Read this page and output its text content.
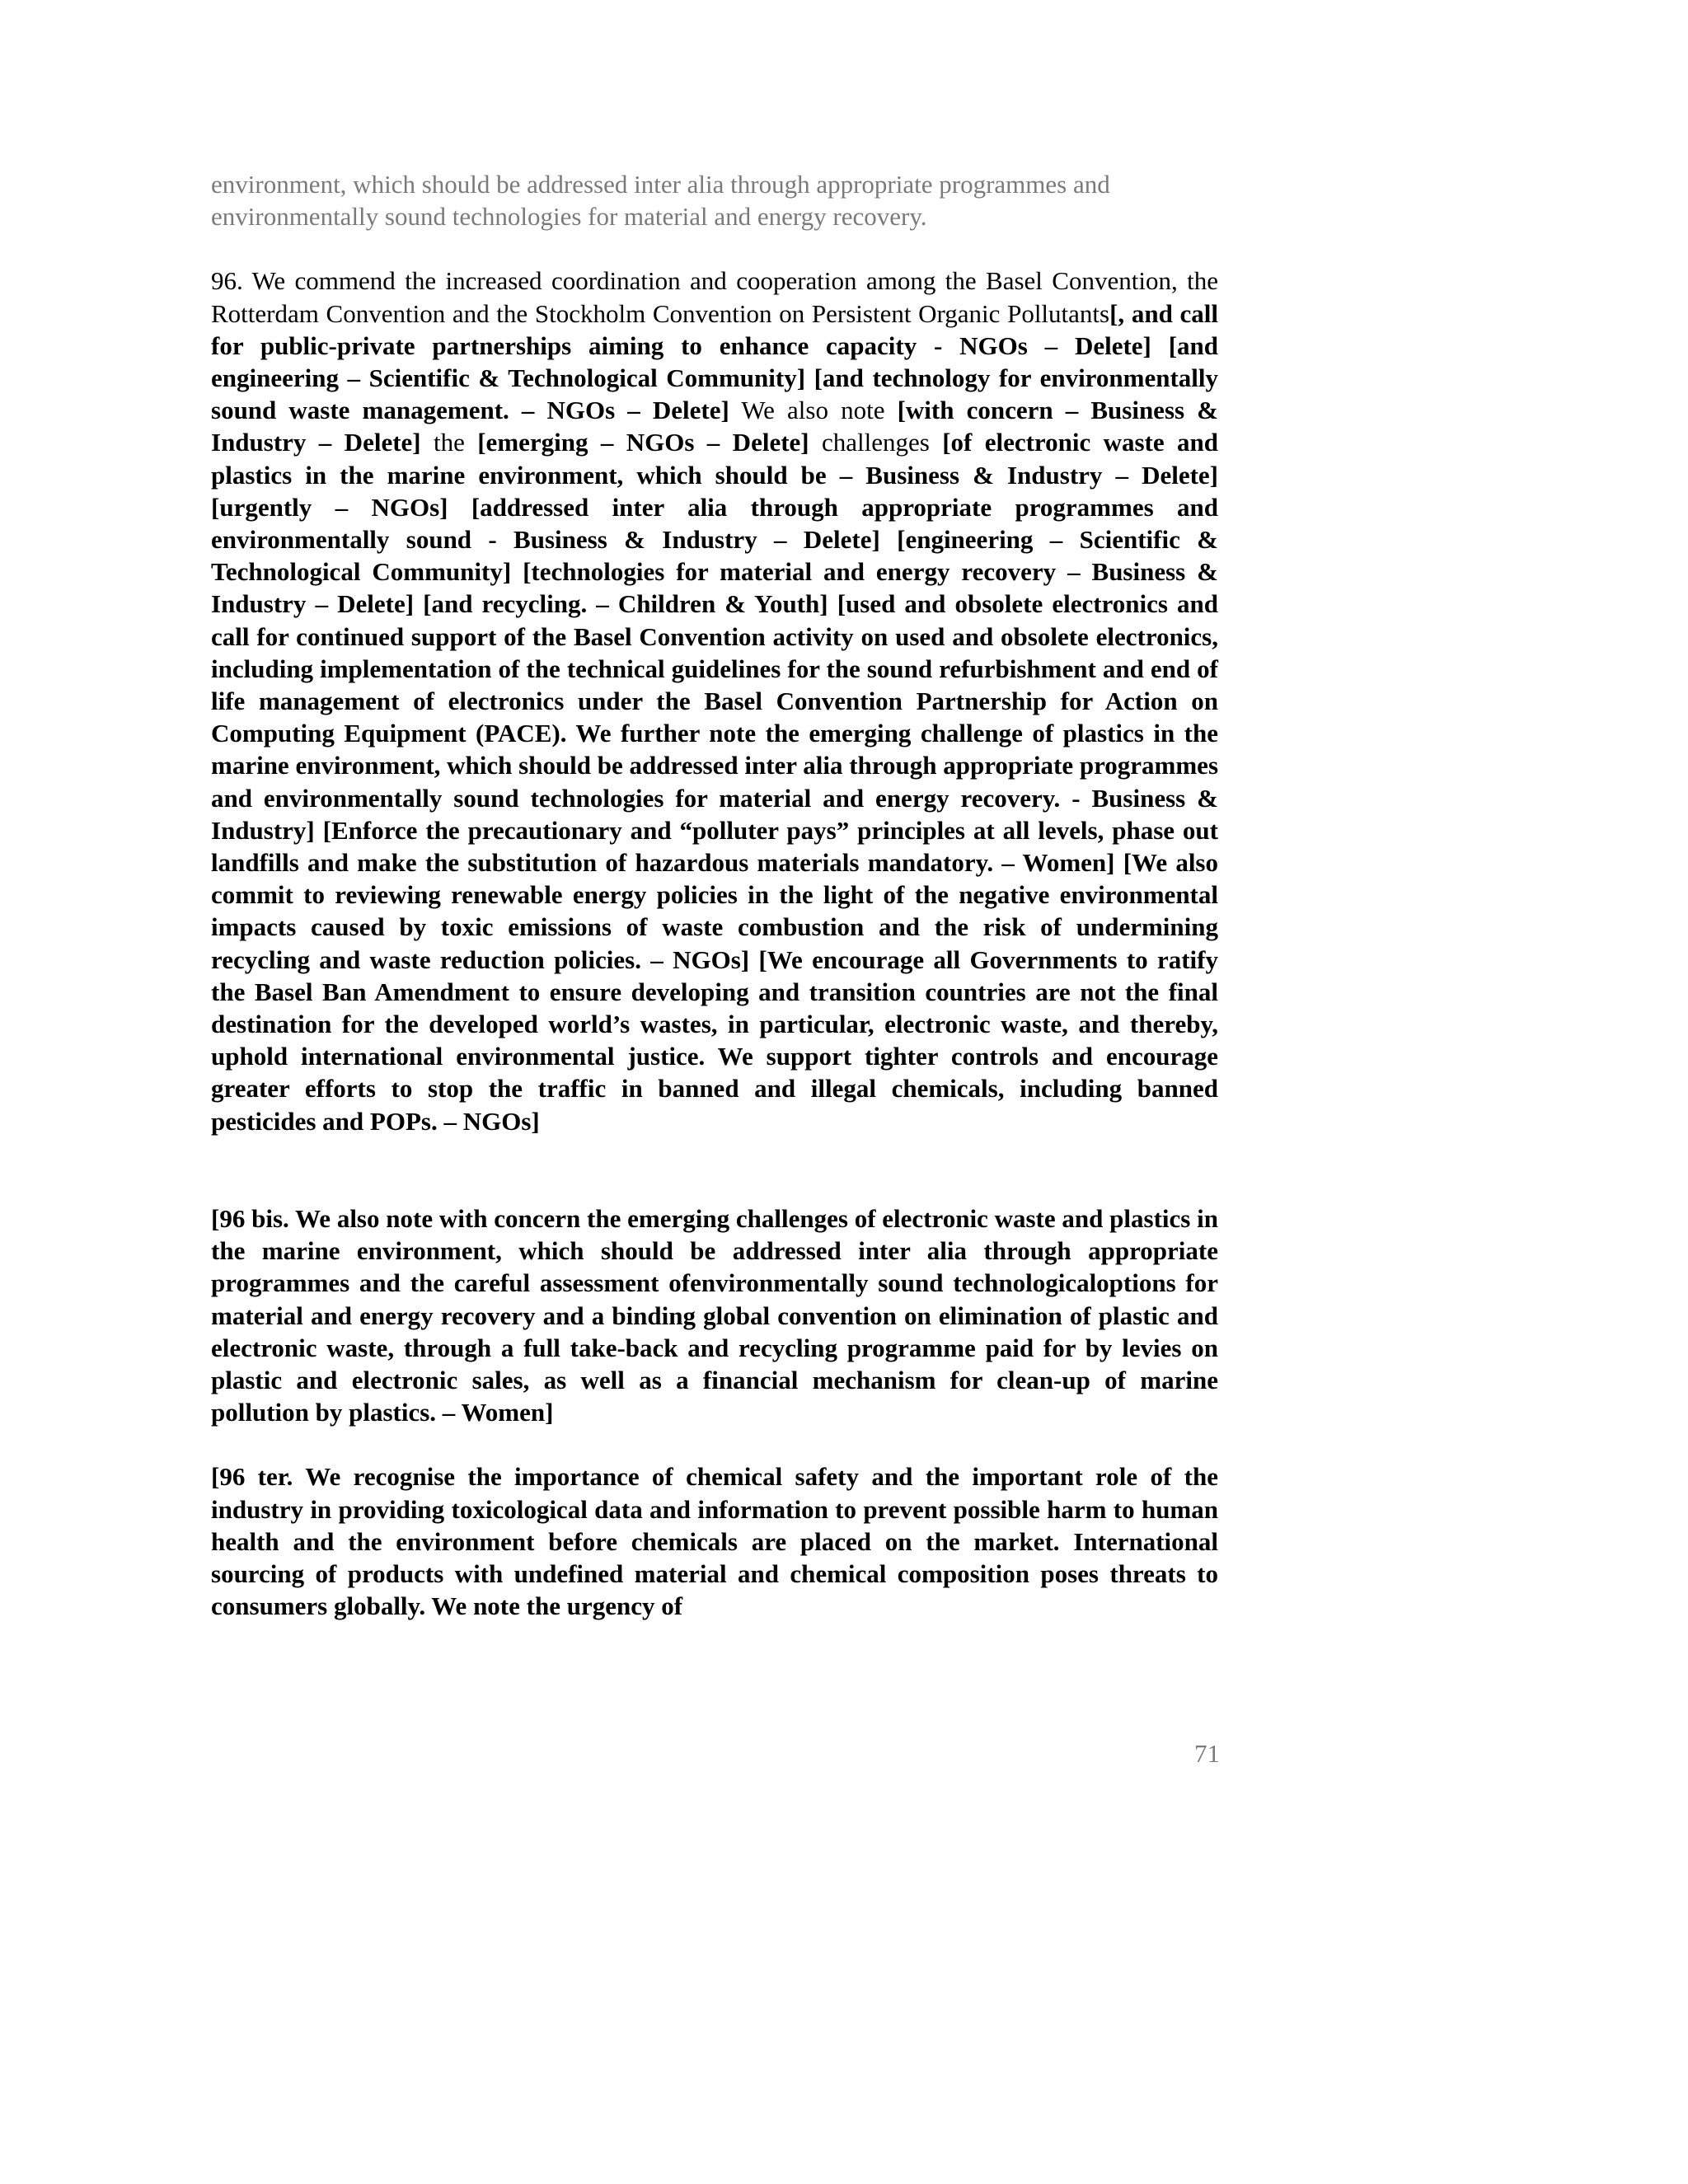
environment, which should be addressed inter alia through appropriate programmes and environmentally sound technologies for material and energy recovery.

96. We commend the increased coordination and cooperation among the Basel Convention, the Rotterdam Convention and the Stockholm Convention on Persistent Organic Pollutants[, and call for public-private partnerships aiming to enhance capacity - NGOs – Delete] [and engineering – Scientific & Technological Community] [and technology for environmentally sound waste management. – NGOs – Delete] We also note [with concern – Business & Industry – Delete] the [emerging – NGOs – Delete] challenges [of electronic waste and plastics in the marine environment, which should be – Business & Industry – Delete] [urgently – NGOs] [addressed inter alia through appropriate programmes and environmentally sound - Business & Industry – Delete] [engineering – Scientific & Technological Community] [technologies for material and energy recovery – Business & Industry – Delete] [and recycling. – Children & Youth] [used and obsolete electronics and call for continued support of the Basel Convention activity on used and obsolete electronics, including implementation of the technical guidelines for the sound refurbishment and end of life management of electronics under the Basel Convention Partnership for Action on Computing Equipment (PACE). We further note the emerging challenge of plastics in the marine environment, which should be addressed inter alia through appropriate programmes and environmentally sound technologies for material and energy recovery. - Business & Industry] [Enforce the precautionary and “polluter pays” principles at all levels, phase out landfills and make the substitution of hazardous materials mandatory. – Women] [We also commit to reviewing renewable energy policies in the light of the negative environmental impacts caused by toxic emissions of waste combustion and the risk of undermining recycling and waste reduction policies. – NGOs] [We encourage all Governments to ratify the Basel Ban Amendment to ensure developing and transition countries are not the final destination for the developed world’s wastes, in particular, electronic waste, and thereby, uphold international environmental justice. We support tighter controls and encourage greater efforts to stop the traffic in banned and illegal chemicals, including banned pesticides and POPs. – NGOs]

[96 bis. We also note with concern the emerging challenges of electronic waste and plastics in the marine environment, which should be addressed inter alia through appropriate programmes and the careful assessment ofenvironmentally sound technologicaloptions for material and energy recovery and a binding global convention on elimination of plastic and electronic waste, through a full take-back and recycling programme paid for by levies on plastic and electronic sales, as well as a financial mechanism for clean-up of marine pollution by plastics. – Women]

[96 ter. We recognise the importance of chemical safety and the important role of the industry in providing toxicological data and information to prevent possible harm to human health and the environment before chemicals are placed on the market. International sourcing of products with undefined material and chemical composition poses threats to consumers globally. We note the urgency of

71
